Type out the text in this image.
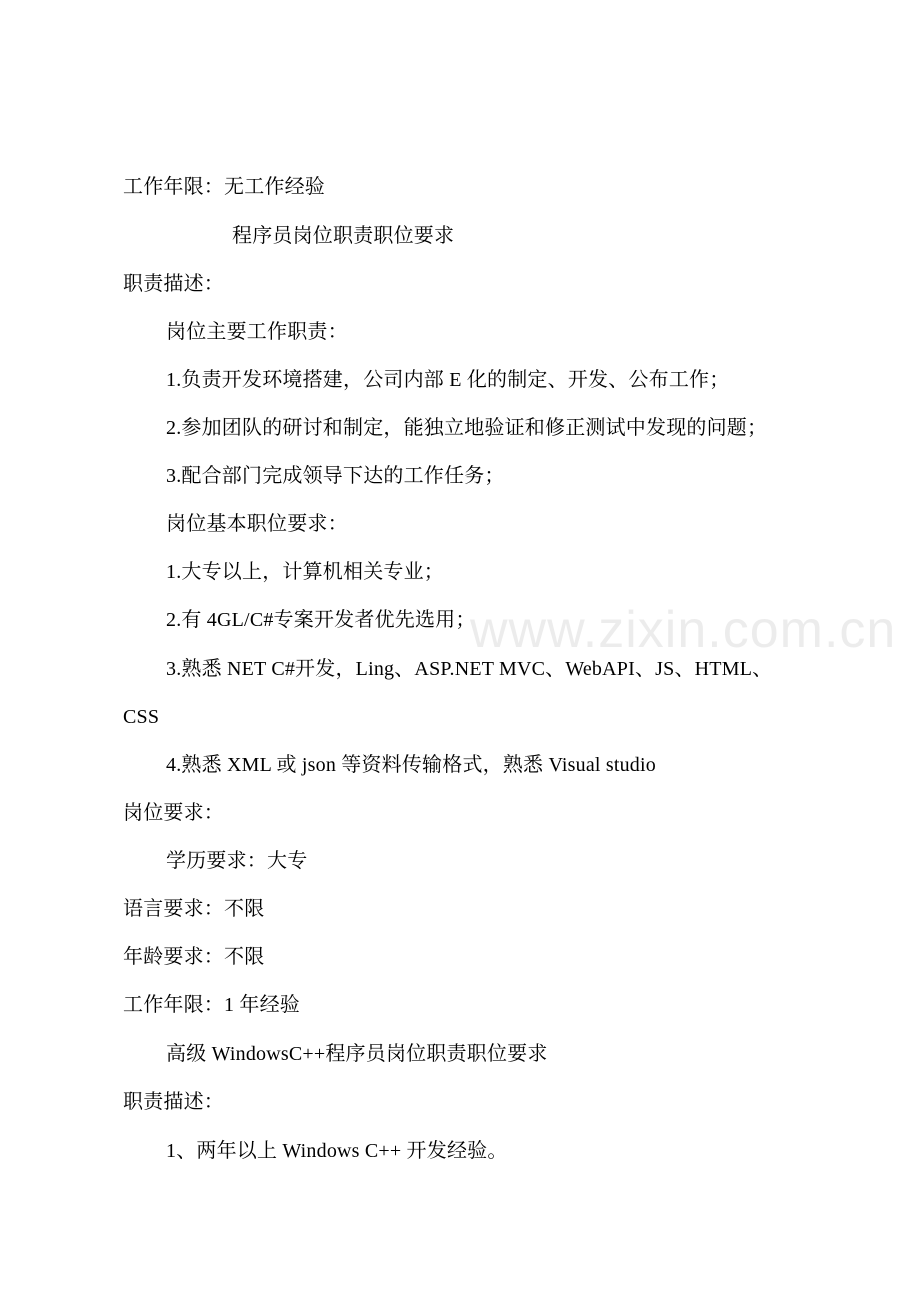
www.zixin.com.cn
工作年限：无工作经验
程序员岗位职责职位要求
职责描述：
岗位主要工作职责：
1.负责开发环境搭建，公司内部 E 化的制定、开发、公布工作；
2.参加团队的研讨和制定，能独立地验证和修正测试中发现的问题；
3.配合部门完成领导下达的工作任务；
岗位基本职位要求：
1.大专以上，计算机相关专业；
2.有 4GL/C#专案开发者优先选用；
3.熟悉 NET C#开发，Ling、ASP.NET MVC、WebAPI、JS、HTML、
CSS
4.熟悉 XML 或 json 等资料传输格式，熟悉 Visual studio
岗位要求：
学历要求：大专
语言要求：不限
年龄要求：不限
工作年限：1 年经验
高级 WindowsC++程序员岗位职责职位要求
职责描述：
1、两年以上 Windows C++ 开发经验。
